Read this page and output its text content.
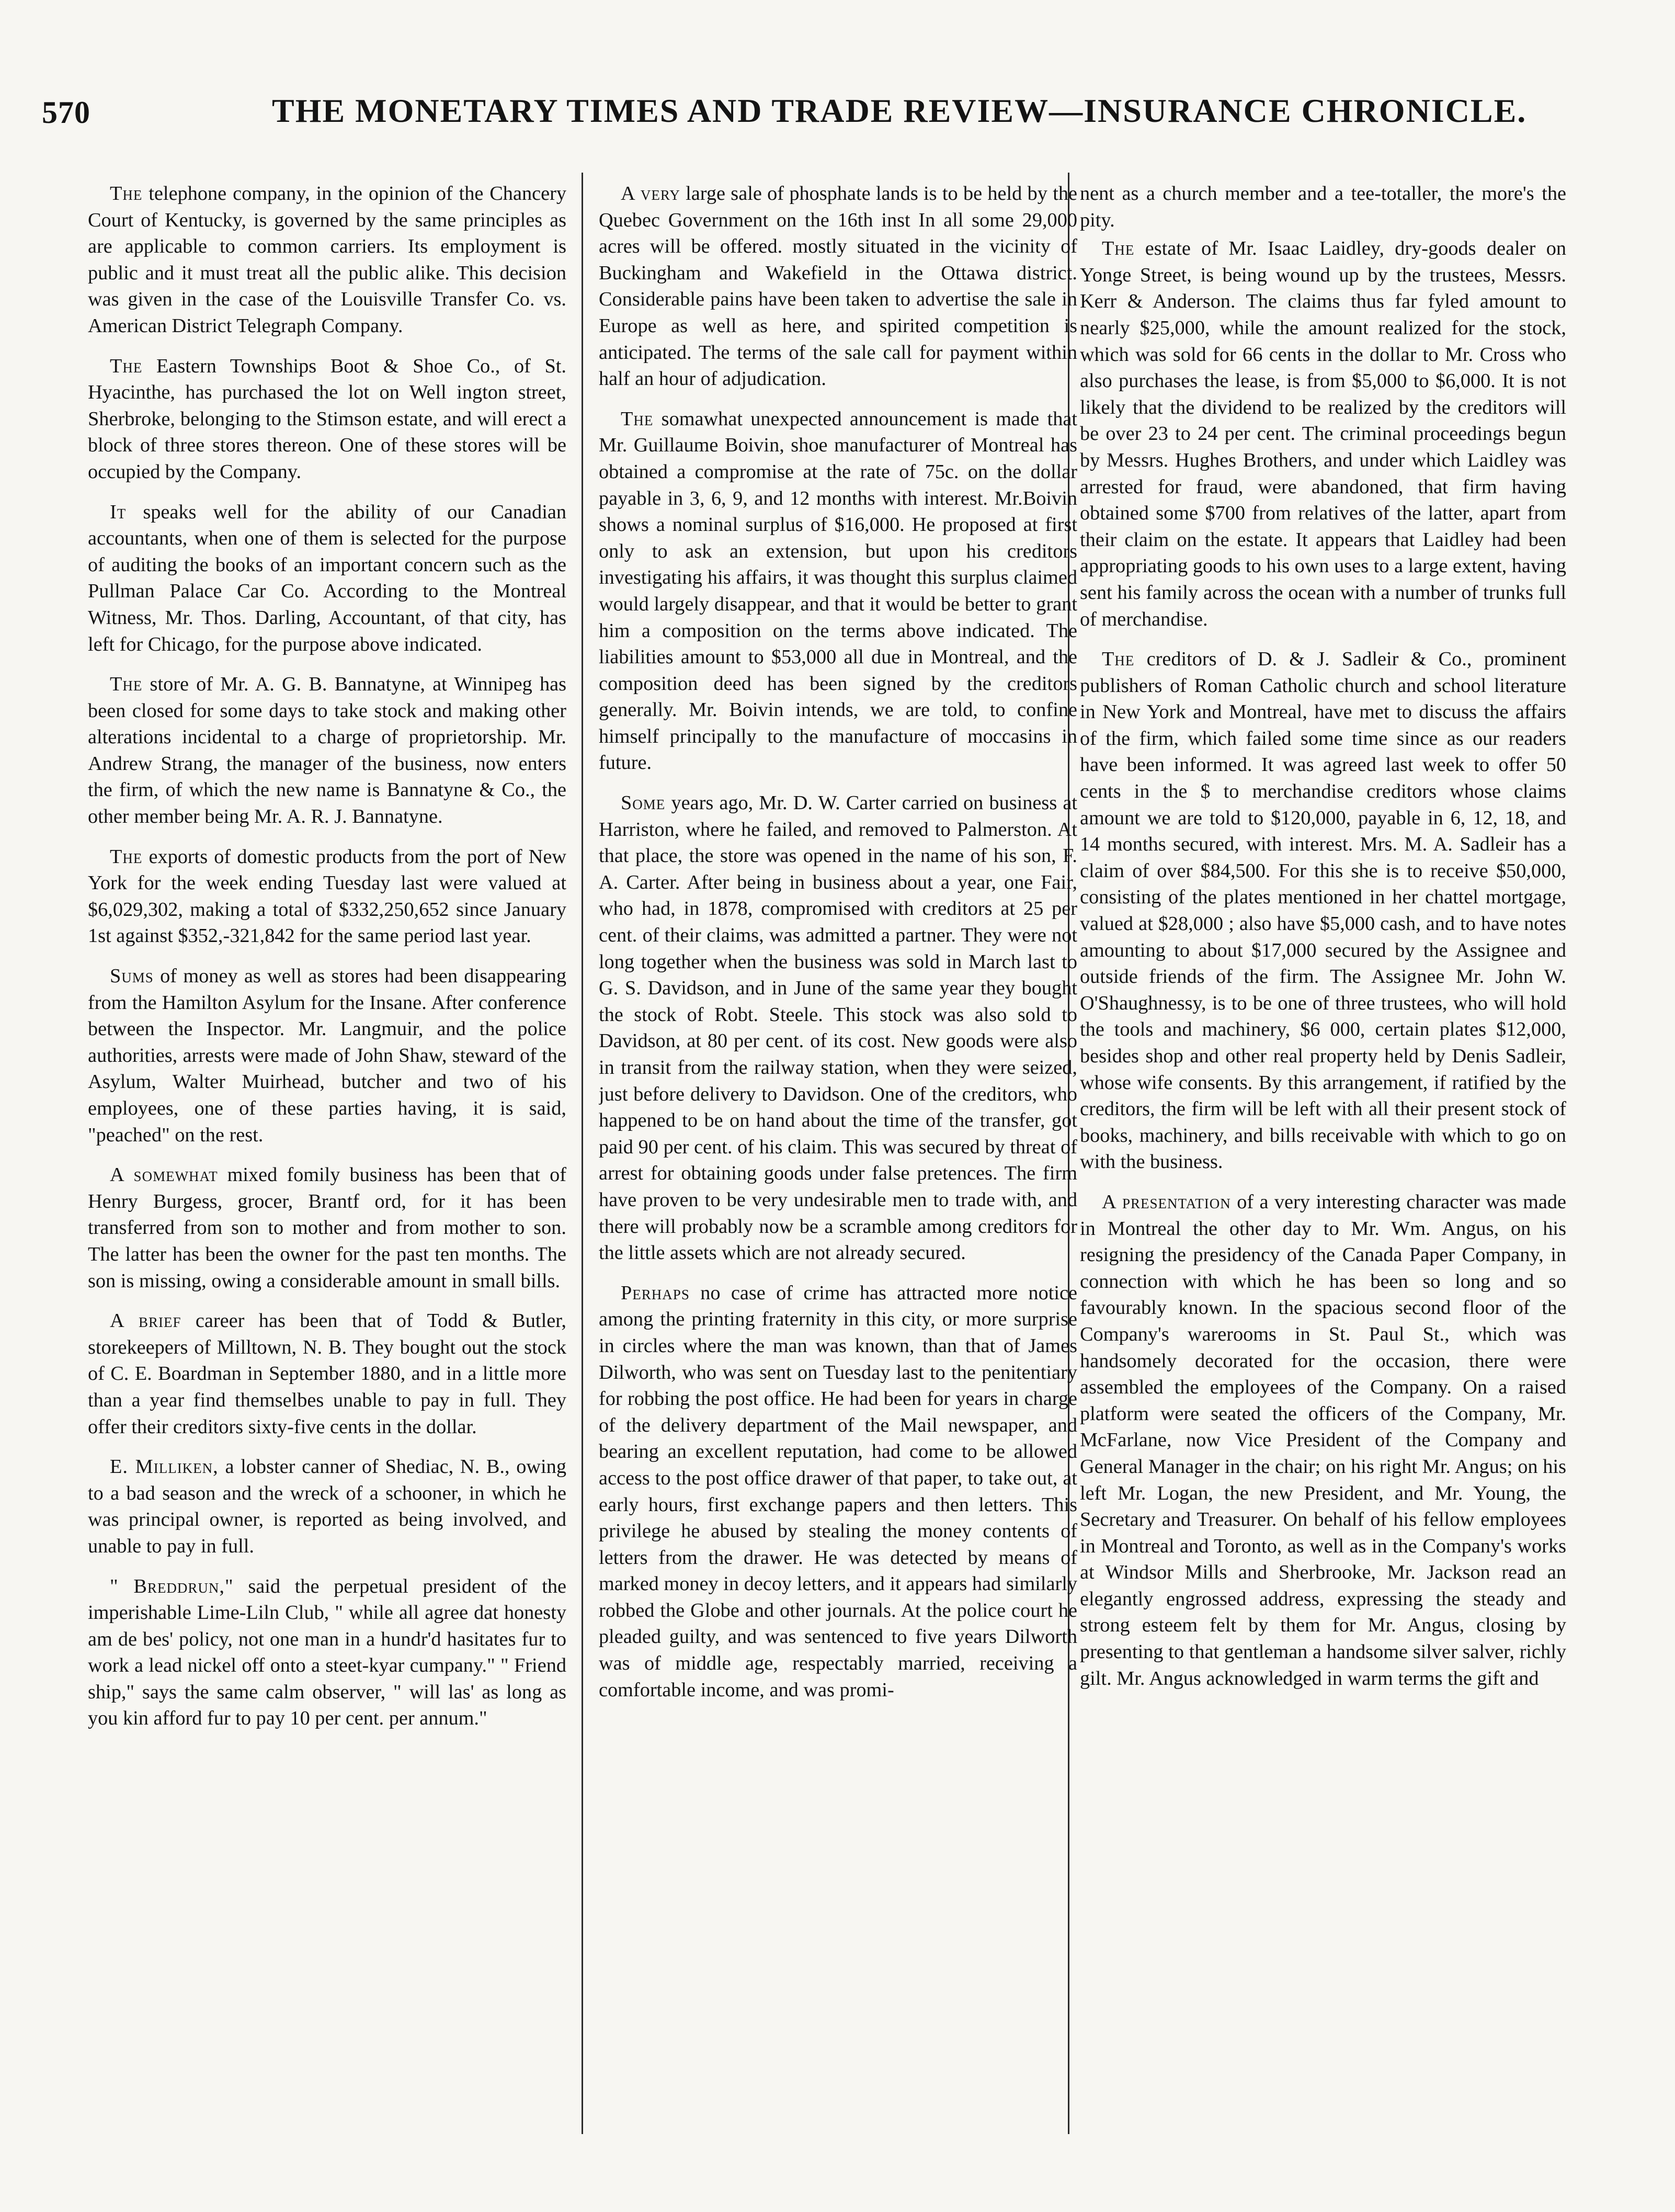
570	THE MONETARY TIMES AND TRADE REVIEW—INSURANCE CHRONICLE.

The telephone company, in the opinion of the Chancery Court of Kentucky, is governed by the same principles as are applicable to common carriers. Its employment is public and it must treat all the public alike. This decision was given in the case of the Louisville Transfer Co. vs. American District Telegraph Company.

The Eastern Townships Boot & Shoe Co., of St. Hyacinthe, has purchased the lot on Well ington street, Sherbroke, belonging to the Stimson estate, and will erect a block of three stores thereon. One of these stores will be occupied by the Company.

It speaks well for the ability of our Canadian accountants, when one of them is selected for the purpose of auditing the books of an important concern such as the Pullman Palace Car Co. According to the Montreal Witness, Mr. Thos. Darling, Accountant, of that city, has left for Chicago, for the purpose above indicated.

The store of Mr. A. G. B. Bannatyne, at Winnipeg has been closed for some days to take stock and making other alterations incidental to a charge of proprietorship. Mr. Andrew Strang, the manager of the business, now enters the firm, of which the new name is Bannatyne & Co., the other member being Mr. A. R. J. Bannatyne.

The exports of domestic products from the port of New York for the week ending Tuesday last were valued at $6,029,302, making a total of $332,250,652 since January 1st against $352,-321,842 for the same period last year.

Sums of money as well as stores had been disappearing from the Hamilton Asylum for the Insane. After conference between the Inspector. Mr. Langmuir, and the police authorities, arrests were made of John Shaw, steward of the Asylum, Walter Muirhead, butcher and two of his employees, one of these parties having, it is said, "peached" on the rest.

A somewhat mixed fomily business has been that of Henry Burgess, grocer, Brantf ord, for it has been transferred from son to mother and from mother to son. The latter has been the owner for the past ten months. The son is missing, owing a considerable amount in small bills.

A brief career has been that of Todd & Butler, storekeepers of Milltown, N. B. They bought out the stock of C. E. Boardman in September 1880, and in a little more than a year find themselbes unable to pay in full. They offer their creditors sixty-five cents in the dollar.

E. Milliken, a lobster canner of Shediac, N. B., owing to a bad season and the wreck of a schooner, in which he was principal owner, is reported as being involved, and unable to pay in full.

" Breddrun," said the perpetual president of the imperishable Lime-Liln Club, " while all agree dat honesty am de bes' policy, not one man in a hundr'd hasitates fur to work a lead nickel off onto a steet-kyar cumpany." " Friend ship," says the same calm observer, " will las' as long as you kin afford fur to pay 10 per cent. per annum."

A very large sale of phosphate lands is to be held by the Quebec Government on the 16th inst In all some 29,000 acres will be offered. mostly situated in the vicinity of Buckingham and Wakefield in the Ottawa district. Considerable pains have been taken to advertise the sale in Europe as well as here, and spirited competition is anticipated. The terms of the sale call for payment within half an hour of adjudication.

The somawhat unexpected announcement is made that Mr. Guillaume Boivin, shoe manufacturer of Montreal has obtained a compromise at the rate of 75c. on the dollar payable in 3, 6, 9, and 12 months with interest. Mr.Boivin shows a nominal surplus of $16,000. He proposed at first only to ask an extension, but upon his creditors investigating his affairs, it was thought this surplus claimed would largely disappear, and that it would be better to grant him a composition on the terms above indicated. The liabilities amount to $53,000 all due in Montreal, and the composition deed has been signed by the creditors generally. Mr. Boivin intends, we are told, to confine himself principally to the manufacture of moccasins in future.

Some years ago, Mr. D. W. Carter carried on business at Harriston, where he failed, and removed to Palmerston. At that place, the store was opened in the name of his son, F. A. Carter. After being in business about a year, one Fair, who had, in 1878, compromised with creditors at 25 per cent. of their claims, was admitted a partner. They were not long together when the business was sold in March last to G. S. Davidson, and in June of the same year they bought the stock of Robt. Steele. This stock was also sold to Davidson, at 80 per cent. of its cost. New goods were also in transit from the railway station, when they were seized, just before delivery to Davidson. One of the creditors, who happened to be on hand about the time of the transfer, got paid 90 per cent. of his claim. This was secured by threat of arrest for obtaining goods under false pretences. The firm have proven to be very undesirable men to trade with, and there will probably now be a scramble among creditors for the little assets which are not already secured.

Perhaps no case of crime has attracted more notice among the printing fraternity in this city, or more surprise in circles where the man was known, than that of James Dilworth, who was sent on Tuesday last to the penitentiary for robbing the post office. He had been for years in charge of the delivery department of the Mail newspaper, and bearing an excellent reputation, had come to be allowed access to the post office drawer of that paper, to take out, at early hours, first exchange papers and then letters. This privilege he abused by stealing the money contents of letters from the drawer. He was detected by means of marked money in decoy letters, and it appears had similarly robbed the Globe and other journals. At the police court he pleaded guilty, and was sentenced to five years Dilworth was of middle age, respectably married, receiving a comfortable income, and was promi-

nent as a church member and a tee-totaller, the more's the pity.

The estate of Mr. Isaac Laidley, dry-goods dealer on Yonge Street, is being wound up by the trustees, Messrs. Kerr & Anderson. The claims thus far fyled amount to nearly $25,000, while the amount realized for the stock, which was sold for 66 cents in the dollar to Mr. Cross who also purchases the lease, is from $5,000 to $6,000. It is not likely that the dividend to be realized by the creditors will be over 23 to 24 per cent. The criminal proceedings begun by Messrs. Hughes Brothers, and under which Laidley was arrested for fraud, were abandoned, that firm having obtained some $700 from relatives of the latter, apart from their claim on the estate. It appears that Laidley had been appropriating goods to his own uses to a large extent, having sent his family across the ocean with a number of trunks full of merchandise.

The creditors of D. & J. Sadleir & Co., prominent publishers of Roman Catholic church and school literature in New York and Montreal, have met to discuss the affairs of the firm, which failed some time since as our readers have been informed. It was agreed last week to offer 50 cents in the $ to merchandise creditors whose claims amount we are told to $120,000, payable in 6, 12, 18, and 14 months secured, with interest. Mrs. M. A. Sadleir has a claim of over $84,500. For this she is to receive $50,000, consisting of the plates mentioned in her chattel mortgage, valued at $28,000 ; also have $5,000 cash, and to have notes amounting to about $17,000 secured by the Assignee and outside friends of the firm. The Assignee Mr. John W. O'Shaughnessy, is to be one of three trustees, who will hold the tools and machinery, $6 000, certain plates $12,000, besides shop and other real property held by Denis Sadleir, whose wife consents. By this arrangement, if ratified by the creditors, the firm will be left with all their present stock of books, machinery, and bills receivable with which to go on with the business.

A presentation of a very interesting character was made in Montreal the other day to Mr. Wm. Angus, on his resigning the presidency of the Canada Paper Company, in connection with which he has been so long and so favourably known. In the spacious second floor of the Company's warerooms in St. Paul St., which was handsomely decorated for the occasion, there were assembled the employees of the Company. On a raised platform were seated the officers of the Company, Mr. McFarlane, now Vice President of the Company and General Manager in the chair; on his right Mr. Angus; on his left Mr. Logan, the new President, and Mr. Young, the Secretary and Treasurer. On behalf of his fellow employees in Montreal and Toronto, as well as in the Company's works at Windsor Mills and Sherbrooke, Mr. Jackson read an elegantly engrossed address, expressing the steady and strong esteem felt by them for Mr. Angus, closing by presenting to that gentleman a handsome silver salver, richly gilt. Mr. Angus acknowledged in warm terms the gift and
